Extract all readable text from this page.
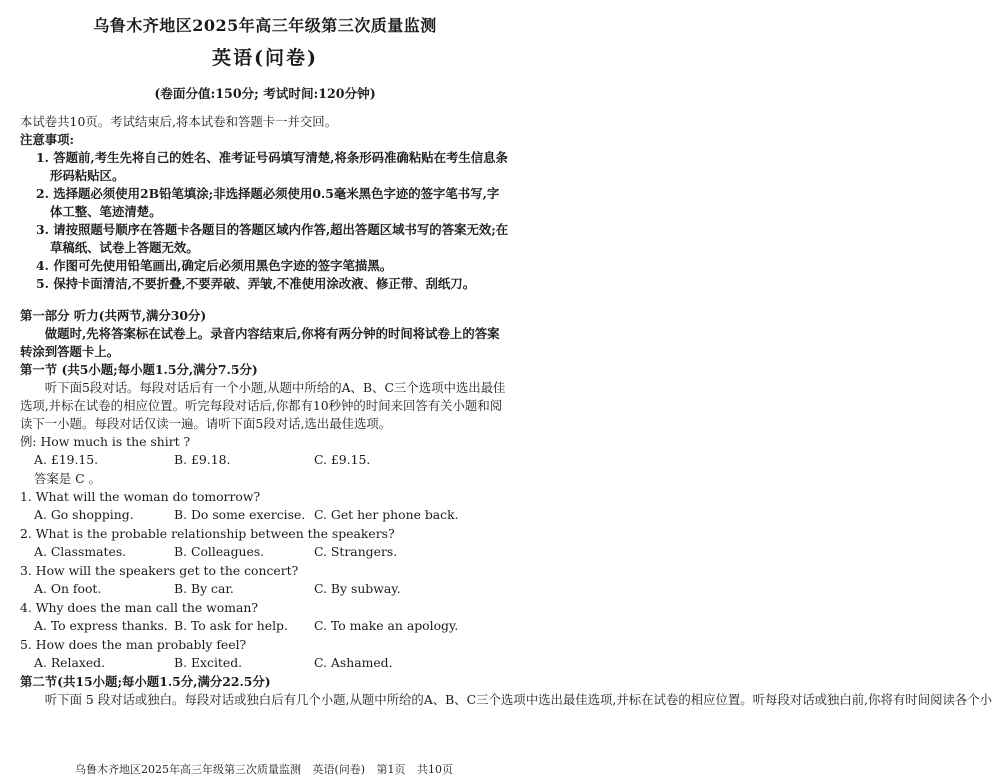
乌鲁木齐地区2025年高三年级第三次质量监测
英语(问卷)
(卷面分值:150分; 考试时间:120分钟)

本试卷共10页。考试结束后,将本试卷和答题卡一并交回。

注意事项:

1. 答题前,考生先将自己的姓名、准考证号码填写清楚,将条形码准确粘贴在考生信息条形码粘贴区。
2. 选择题必须使用2B铅笔填涂;非选择题必须使用0.5毫米黑色字迹的签字笔书写,字体工整、笔迹清楚。
3. 请按照题号顺序在答题卡各题目的答题区域内作答,超出答题区域书写的答案无效;在草稿纸、试卷上答题无效。
4. 作图可先使用铅笔画出,确定后必须用黑色字迹的签字笔描黑。
5. 保持卡面清洁,不要折叠,不要弄破、弄皱,不准使用涂改液、修正带、刮纸刀。

第一部分 听力(共两节,满分30分)

做题时,先将答案标在试卷上。录音内容结束后,你将有两分钟的时间将试卷上的答案转涂到答题卡上。

第一节 (共5小题;每小题1.5分,满分7.5分)

听下面5段对话。每段对话后有一个小题,从题中所给的A、B、C三个选项中选出最佳选项,并标在试卷的相应位置。听完每段对话后,你都有10秒钟的时间来回答有关小题和阅读下一小题。每段对话仅读一遍。请听下面5段对话,选出最佳选项。

例: How much is the shirt ?

A. £19.15.	B. £9.18.	C. £9.15.

答案是 C 。

1. What will the woman do tomorrow?

A. Go shopping.	B. Do some exercise. C. Get her phone back.

2. What is the probable relationship between the speakers?

A. Classmates.	B. Colleagues.	C. Strangers.

3. How will the speakers get to the concert?

A. On foot.	B. By car.	C. By subway.

4. Why does the man call the woman?

A. To express thanks. B. To ask for help.	C. To make an apology.

5. How does the man probably feel?

A. Relaxed.	B. Excited.	C. Ashamed.

第二节(共15小题;每小题1.5分,满分22.5分)

听下面 5 段对话或独白。每段对话或独白后有几个小题,从题中所给的A、B、C三个选项中选出最佳选项,并标在试卷的相应位置。听每段对话或独白前,你将有时间阅读各个小

乌鲁木齐地区2025年高三年级第三次质量监测 英语(问卷) 第1页 共10页
